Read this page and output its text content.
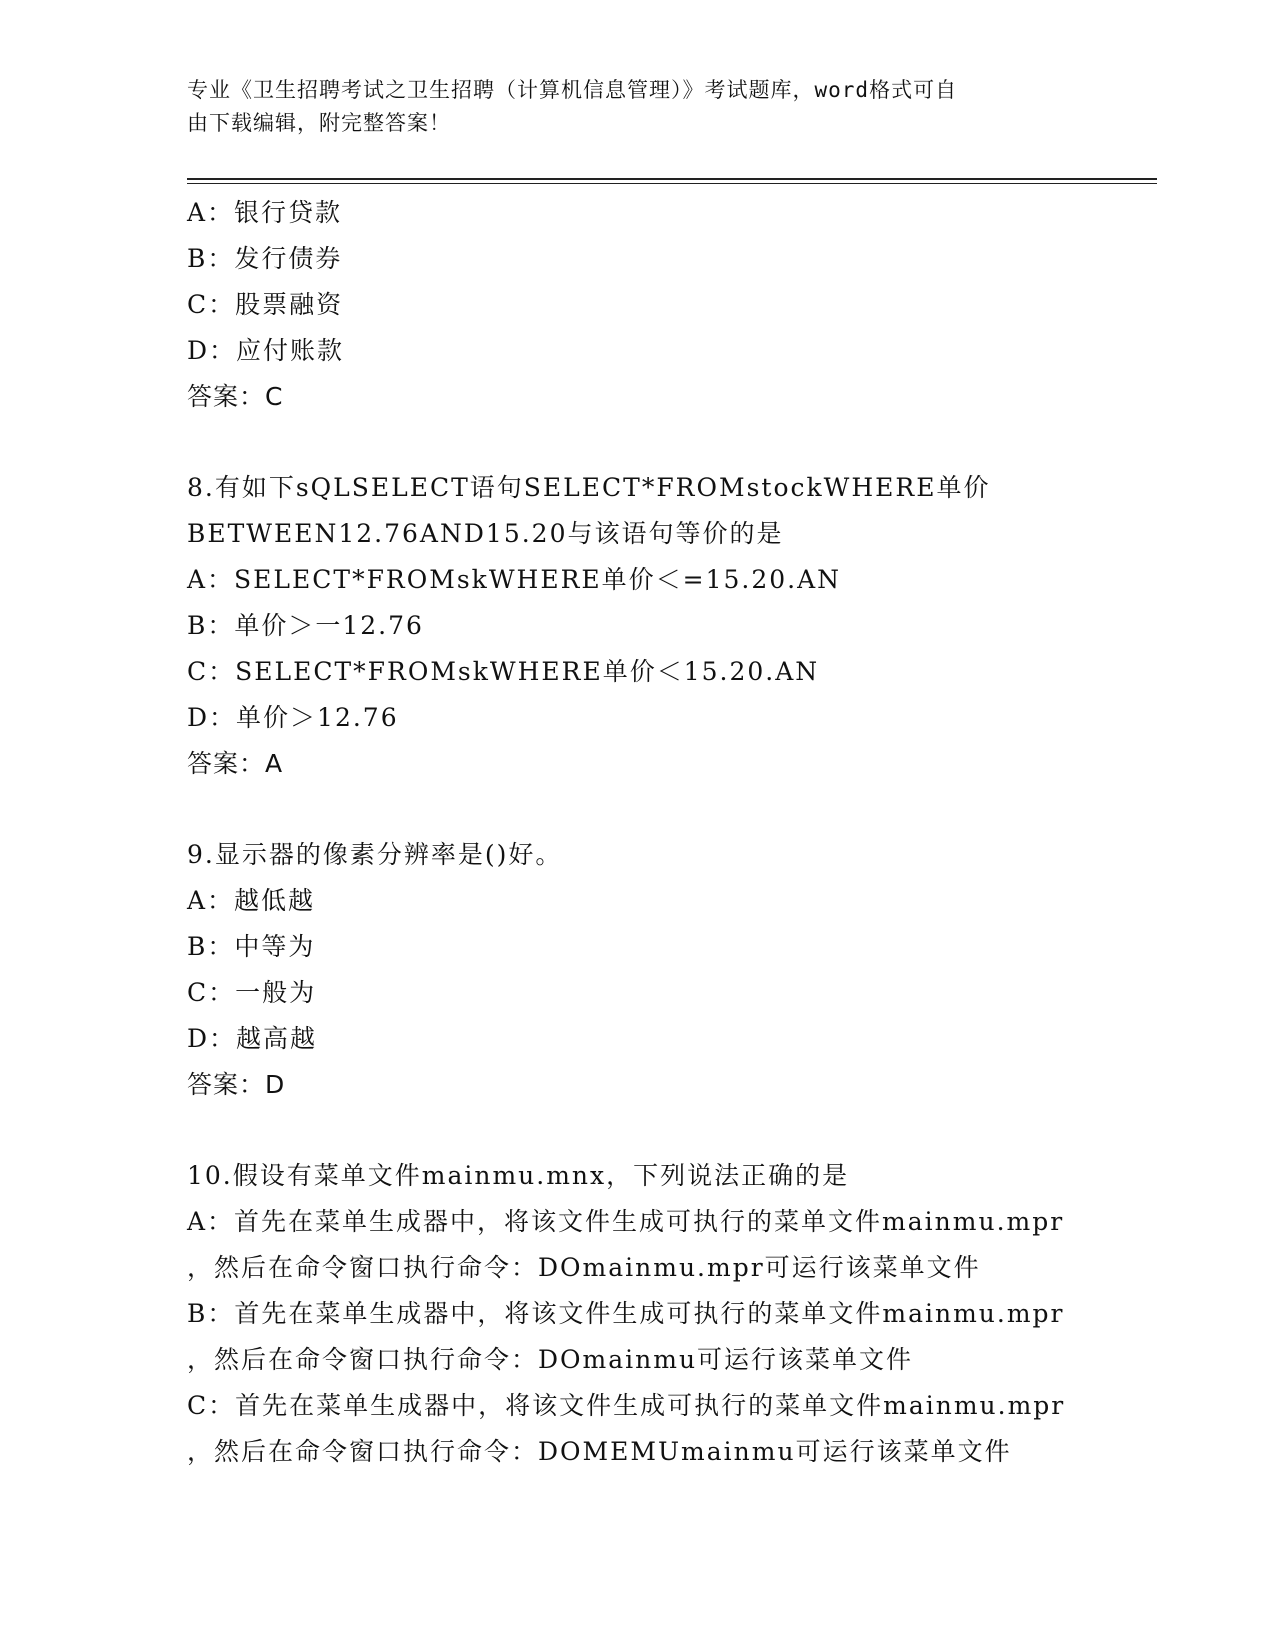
专业《卫生招聘考试之卫生招聘（计算机信息管理）》考试题库，word格式可自
由下载编辑，附完整答案！
A：银行贷款
B：发行债券
C：股票融资
D：应付账款
答案：C
8.有如下sQLSELECT语句SELECT*FROMstockWHERE单价
BETWEEN12.76AND15.20与该语句等价的是
A：SELECT*FROMskWHERE单价＜=15.20.AN
B：单价＞一12.76
C：SELECT*FROMskWHERE单价＜15.20.AN
D：单价＞12.76
答案：A
9.显示器的像素分辨率是()好。
A：越低越
B：中等为
C：一般为
D：越高越
答案：D
10.假设有菜单文件mainmu.mnx，下列说法正确的是
A：首先在菜单生成器中，将该文件生成可执行的菜单文件mainmu.mpr
，然后在命令窗口执行命令：DOmainmu.mpr可运行该菜单文件
B：首先在菜单生成器中，将该文件生成可执行的菜单文件mainmu.mpr
，然后在命令窗口执行命令：DOmainmu可运行该菜单文件
C：首先在菜单生成器中，将该文件生成可执行的菜单文件mainmu.mpr
，然后在命令窗口执行命令：DOMEMUmainmu可运行该菜单文件
